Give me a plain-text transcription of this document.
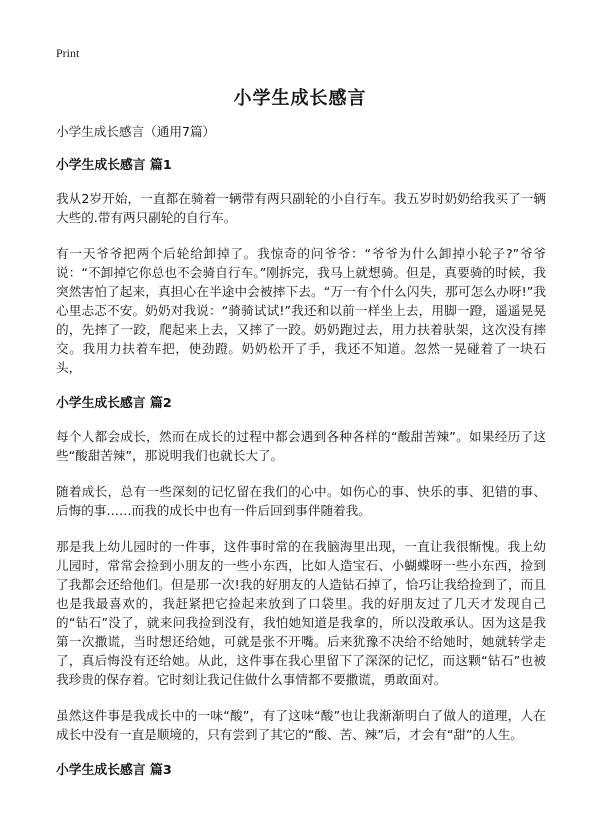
Print
小学生成长感言

小学生成长感言（通用7篇）

小学生成长感言 篇1

我从2岁开始，一直都在骑着一辆带有两只副轮的小自行车。我五岁时奶奶给我买了一辆大些的.带有两只副轮的自行车。

有一天爷爷把两个后轮给卸掉了。我惊奇的问爷爷：“爷爷为什么卸掉小轮子?”爷爷说：“不卸掉它你总也不会骑自行车。”刚拆完，我马上就想骑。但是，真要骑的时候，我突然害怕了起来，真担心在半途中会被摔下去。“万一有个什么闪失，那可怎么办呀!”我心里忐忑不安。奶奶对我说：“骑骑试试!”我还和以前一样坐上去，用脚一蹬，遥遥晃晃的，先摔了一跤，爬起来上去，又摔了一跤。奶奶跑过去，用力扶着驮架，这次没有摔交。我用力扶着车把，使劲蹬。奶奶松开了手，我还不知道。忽然一晃碰着了一块石头，

小学生成长感言 篇2

每个人都会成长，然而在成长的过程中都会遇到各种各样的“酸甜苦辣”。如果经历了这些“酸甜苦辣”，那说明我们也就长大了。

随着成长，总有一些深刻的记忆留在我们的心中。如伤心的事、快乐的事、犯错的事、后悔的事……而我的成长中也有一件后回到事伴随着我。

那是我上幼儿园时的一件事，这件事时常的在我脑海里出现，一直让我很惭愧。我上幼儿园时，常常会捡到小朋友的一些小东西，比如人造宝石、小蝴蝶呀一些小东西，捡到了我都会还给他们。但是那一次!我的好朋友的人造钻石掉了，恰巧让我给捡到了，而且也是我最喜欢的，我赶紧把它捡起来放到了口袋里。我的好朋友过了几天才发现自己的“钻石”没了，就来问我捡到没有，我怕她知道是我拿的，所以没敢承认。因为这是我第一次撒谎，当时想还给她，可就是张不开嘴。后来犹豫不决给不给她时，她就转学走了，真后悔没有还给她。从此，这件事在我心里留下了深深的记忆，而这颗“钻石”也被我珍贵的保存着。它时刻让我记住做什么事情都不要撒谎，勇敢面对。

虽然这件事是我成长中的一味“酸”，有了这味“酸”也让我渐渐明白了做人的道理，人在成长中没有一直是顺境的，只有尝到了其它的“酸、苦、辣”后，才会有“甜”的人生。

小学生成长感言 篇3
